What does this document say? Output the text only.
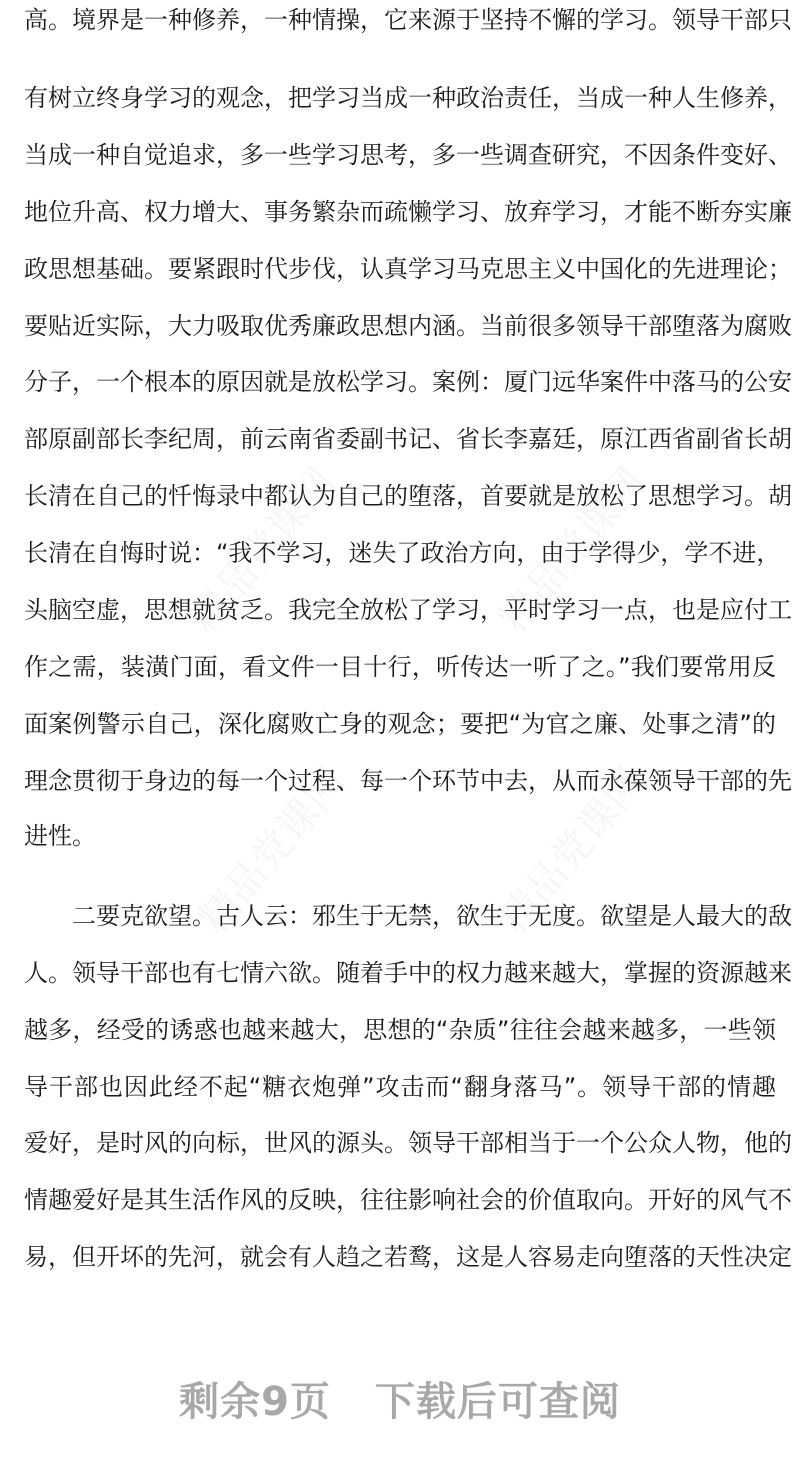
高。境界是一种修养，一种情操，它来源于坚持不懈的学习。领导干部只
有树立终身学习的观念，把学习当成一种政治责任，当成一种人生修养，
当成一种自觉追求，多一些学习思考，多一些调查研究，不因条件变好、
地位升高、权力增大、事务繁杂而疏懒学习、放弃学习，才能不断夯实廉
政思想基础。要紧跟时代步伐，认真学习马克思主义中国化的先进理论；
要贴近实际，大力吸取优秀廉政思想内涵。当前很多领导干部堕落为腐败
分子，一个根本的原因就是放松学习。案例：厦门远华案件中落马的公安
部原副部长李纪周，前云南省委副书记、省长李嘉廷，原江西省副省长胡
长清在自己的忏悔录中都认为自己的堕落，首要就是放松了思想学习。胡
长清在自悔时说：“我不学习，迷失了政治方向，由于学得少，学不进，
头脑空虚，思想就贫乏。我完全放松了学习，平时学习一点，也是应付工
作之需，装潢门面，看文件一目十行，听传达一听了之。”我们要常用反
面案例警示自己，深化腐败亡身的观念；要把“为官之廉、处事之清”的
理念贯彻于身边的每一个过程、每一个环节中去，从而永葆领导干部的先
进性。
二要克欲望。古人云：邪生于无禁，欲生于无度。欲望是人最大的敌
人。领导干部也有七情六欲。随着手中的权力越来越大，掌握的资源越来
越多，经受的诱惑也越来越大，思想的“杂质”往往会越来越多，一些领
导干部也因此经不起“糖衣炮弹”攻击而“翻身落马”。领导干部的情趣
爱好，是时风的向标，世风的源头。领导干部相当于一个公众人物，他的
情趣爱好是其生活作风的反映，往往影响社会的价值取向。开好的风气不
易，但开坏的先河，就会有人趋之若鹜，这是人容易走向堕落的天性决定
剩余9页 下载后可查阅
